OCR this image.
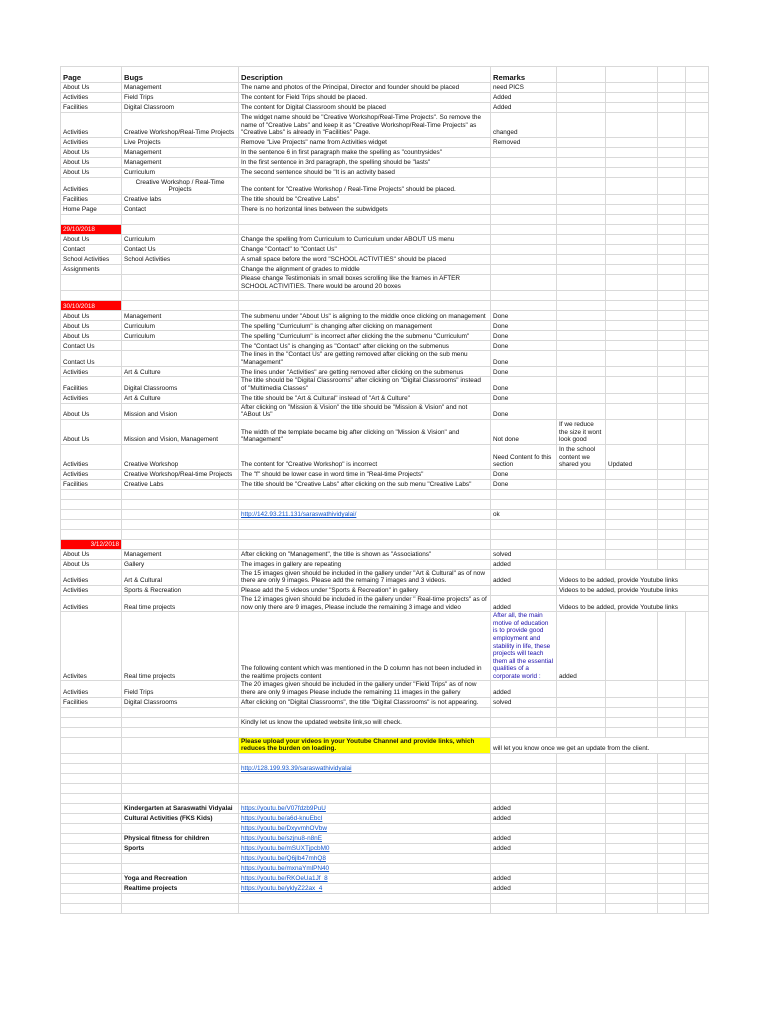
Page	Bugs	Description	Remarks				
About Us	Management	The name and photos of the Principal, Director and founder should be placed	need PICS				
Activities	Field Trips	The content for Field Trips should be placed.	Added				
Facilities	Digital Classroom	The content for Digital Classroom should be placed	Added				
Activities	Creative Workshop/Real-Time Projects	The widget name should be "Creative Workshop/Real-Time Projects". So remove the name of "Creative Labs" and keep it as "Creative Workshop/Real-Time Projects" as "Creative Labs" is already in "Facilities" Page.	changed				
Activities	Live Projects	Remove "Live Projects" name from Activities widget	Removed				
About Us	Management	In the sentence 6 in first paragraph make the spelling as "countrysides"					
About Us	Management	In the first sentence in 3rd paragraph, the spelling should be "lasts"					
About Us	Curriculum	The second sentence should be "It is an activity based					
Activities	Creative Workshop / Real-Time Projects	The content for "Creative Workshop / Real-Time Projects" should be placed.					
Facilities	Creative labs	The title should be "Creative Labs"					
Home Page	Contact	There is no horizontal lines between the subwidgets					

29/10/2018							
About Us	Curriculum	Change the spelling from Curriculum to Curriculum under ABOUT US menu					
Contact	Contact Us	Change "Contact" to "Contact Us"					
School Activities	School Activities	A small space before the word "SCHOOL ACTIVITIES" should be placed					
Assignments		Change the alignment of grades to middle					
		Please change Testimonials in small boxes scrolling like the frames in AFTER SCHOOL ACTIVITIES. There would be around 20 boxes					

30/10/2018							
About Us	Management	The submenu under "About Us" is aligning to the middle once clicking on management	Done				
About Us	Curriculum	The spelling "Curriculum" is changing after clicking on management	Done				
About Us	Curriculum	The spelling "Curriculum" is incorrect after clicking the the submenu "Curriculum"	Done				
Contact Us		The "Contact Us" is changing as "Contact" after clicking on the submenus	Done				
Contact Us		The lines in the "Contact Us" are getting removed after clicking on the sub menu "Management"	Done				
Activities	Art & Culture	The lines under "Activities" are getting removed after clicking on the submenus	Done				
Facilities	Digital Classrooms	The title should be "Digital Classrooms" after clicking on "Digital Classrooms" instead of "Multimedia Classes"	Done				
Activities	Art & Culture	The title should be "Art & Cultural" instead of "Art & Culture"	Done				
About Us	Mission and Vision	After clicking on "Mission & Vision" the title should be "Mission & Vision" and not "ABout Us"	Done				
About Us	Mission and Vision, Management	The width of the template became big after clicking on "Mission & Vision" and "Management"	Not done	If we reduce the size it wont look good			
Activities	Creative Workshop	The content for "Creative Workshop" is incorrect	Need Content fo this section	In the school content we shared you	Updated		
Activities	Creative Workshop/Real-time Projects	The "f" should be lower case in word time in "Real-time Projects"	Done				
Facilities	Creative Labs	The title should be "Creative Labs" after clicking on the sub menu "Creative Labs"	Done				

		http://142.93.211.131/saraswathividyalai/	ok				

3/12/2018							
About Us	Management	After clicking on "Management", the title is shown as "Associations"	solved				
About Us	Gallery	The images in gallery are repeating	added				
Activities	Art & Cultural	The 15 images given should be included in the gallery under "Art & Cultural" as of now there are only 9 images. Please add the remaing 7 images and 3 videos.	added	Videos to be added, provide Youtube links			
Activities	Sports & Recreation	Please add the 5 videos under "Sports & Recreation" in gallery		Videos to be added, provide Youtube links			
Activities	Real time projects	The 12 images given should be included in the gallery under " Real-time projects" as of now only there are 9 images, Please include the remaining 3 image and video	added	Videos to be added, provide Youtube links			
Activites	Real time projects	The following content which was mentioned in the D column has not been included in the realtime projects content	After all, the main motive of education is to provide good employment and stability in life, these projects will teach them all the essential qualities of a corporate world :	added			
Activities	Field Trips	The 20 images given should be included in the gallery under "Field Trips" as of now there are only 9 images Please include the remaining 11 images in the gallery	added				
Facilities	Digital Classrooms	After clicking on "Digital Classrooms", the title "Digital Classrooms" is not appearing.	solved				

		Kindly let us know the updated website link,so will check.					

		Please upload your videos in your Youtube Channel and provide links, which reduces the burden on loading.	will let you know once we get an update from the client.				

		http://128.199.93.39/saraswathividyalai					

	Kindergarten at Saraswathi Vidyalai	https://youtu.be/V07fdzb9PuU	added				
	Cultural Activities (FKS Kids)	https://youtu.be/a6d-knuEbcI	added				
		https://youtu.be/DxyvmhOVbw					
	Physical fitness for children	https://youtu.be/szjnu8-n8nE	added				
	Sports	https://youtu.be/mSUXTjpcbM0	added				
		https://youtu.be/Q6jlb47mhQ8					
		https://youtu.be/mxnaYmlPN40					
	Yoga and Recreation	https://youtu.be/RKOeUa1Jf_8	added				
	Realtime projects	https://youtu.be/yklyZ22ax_4	added				
